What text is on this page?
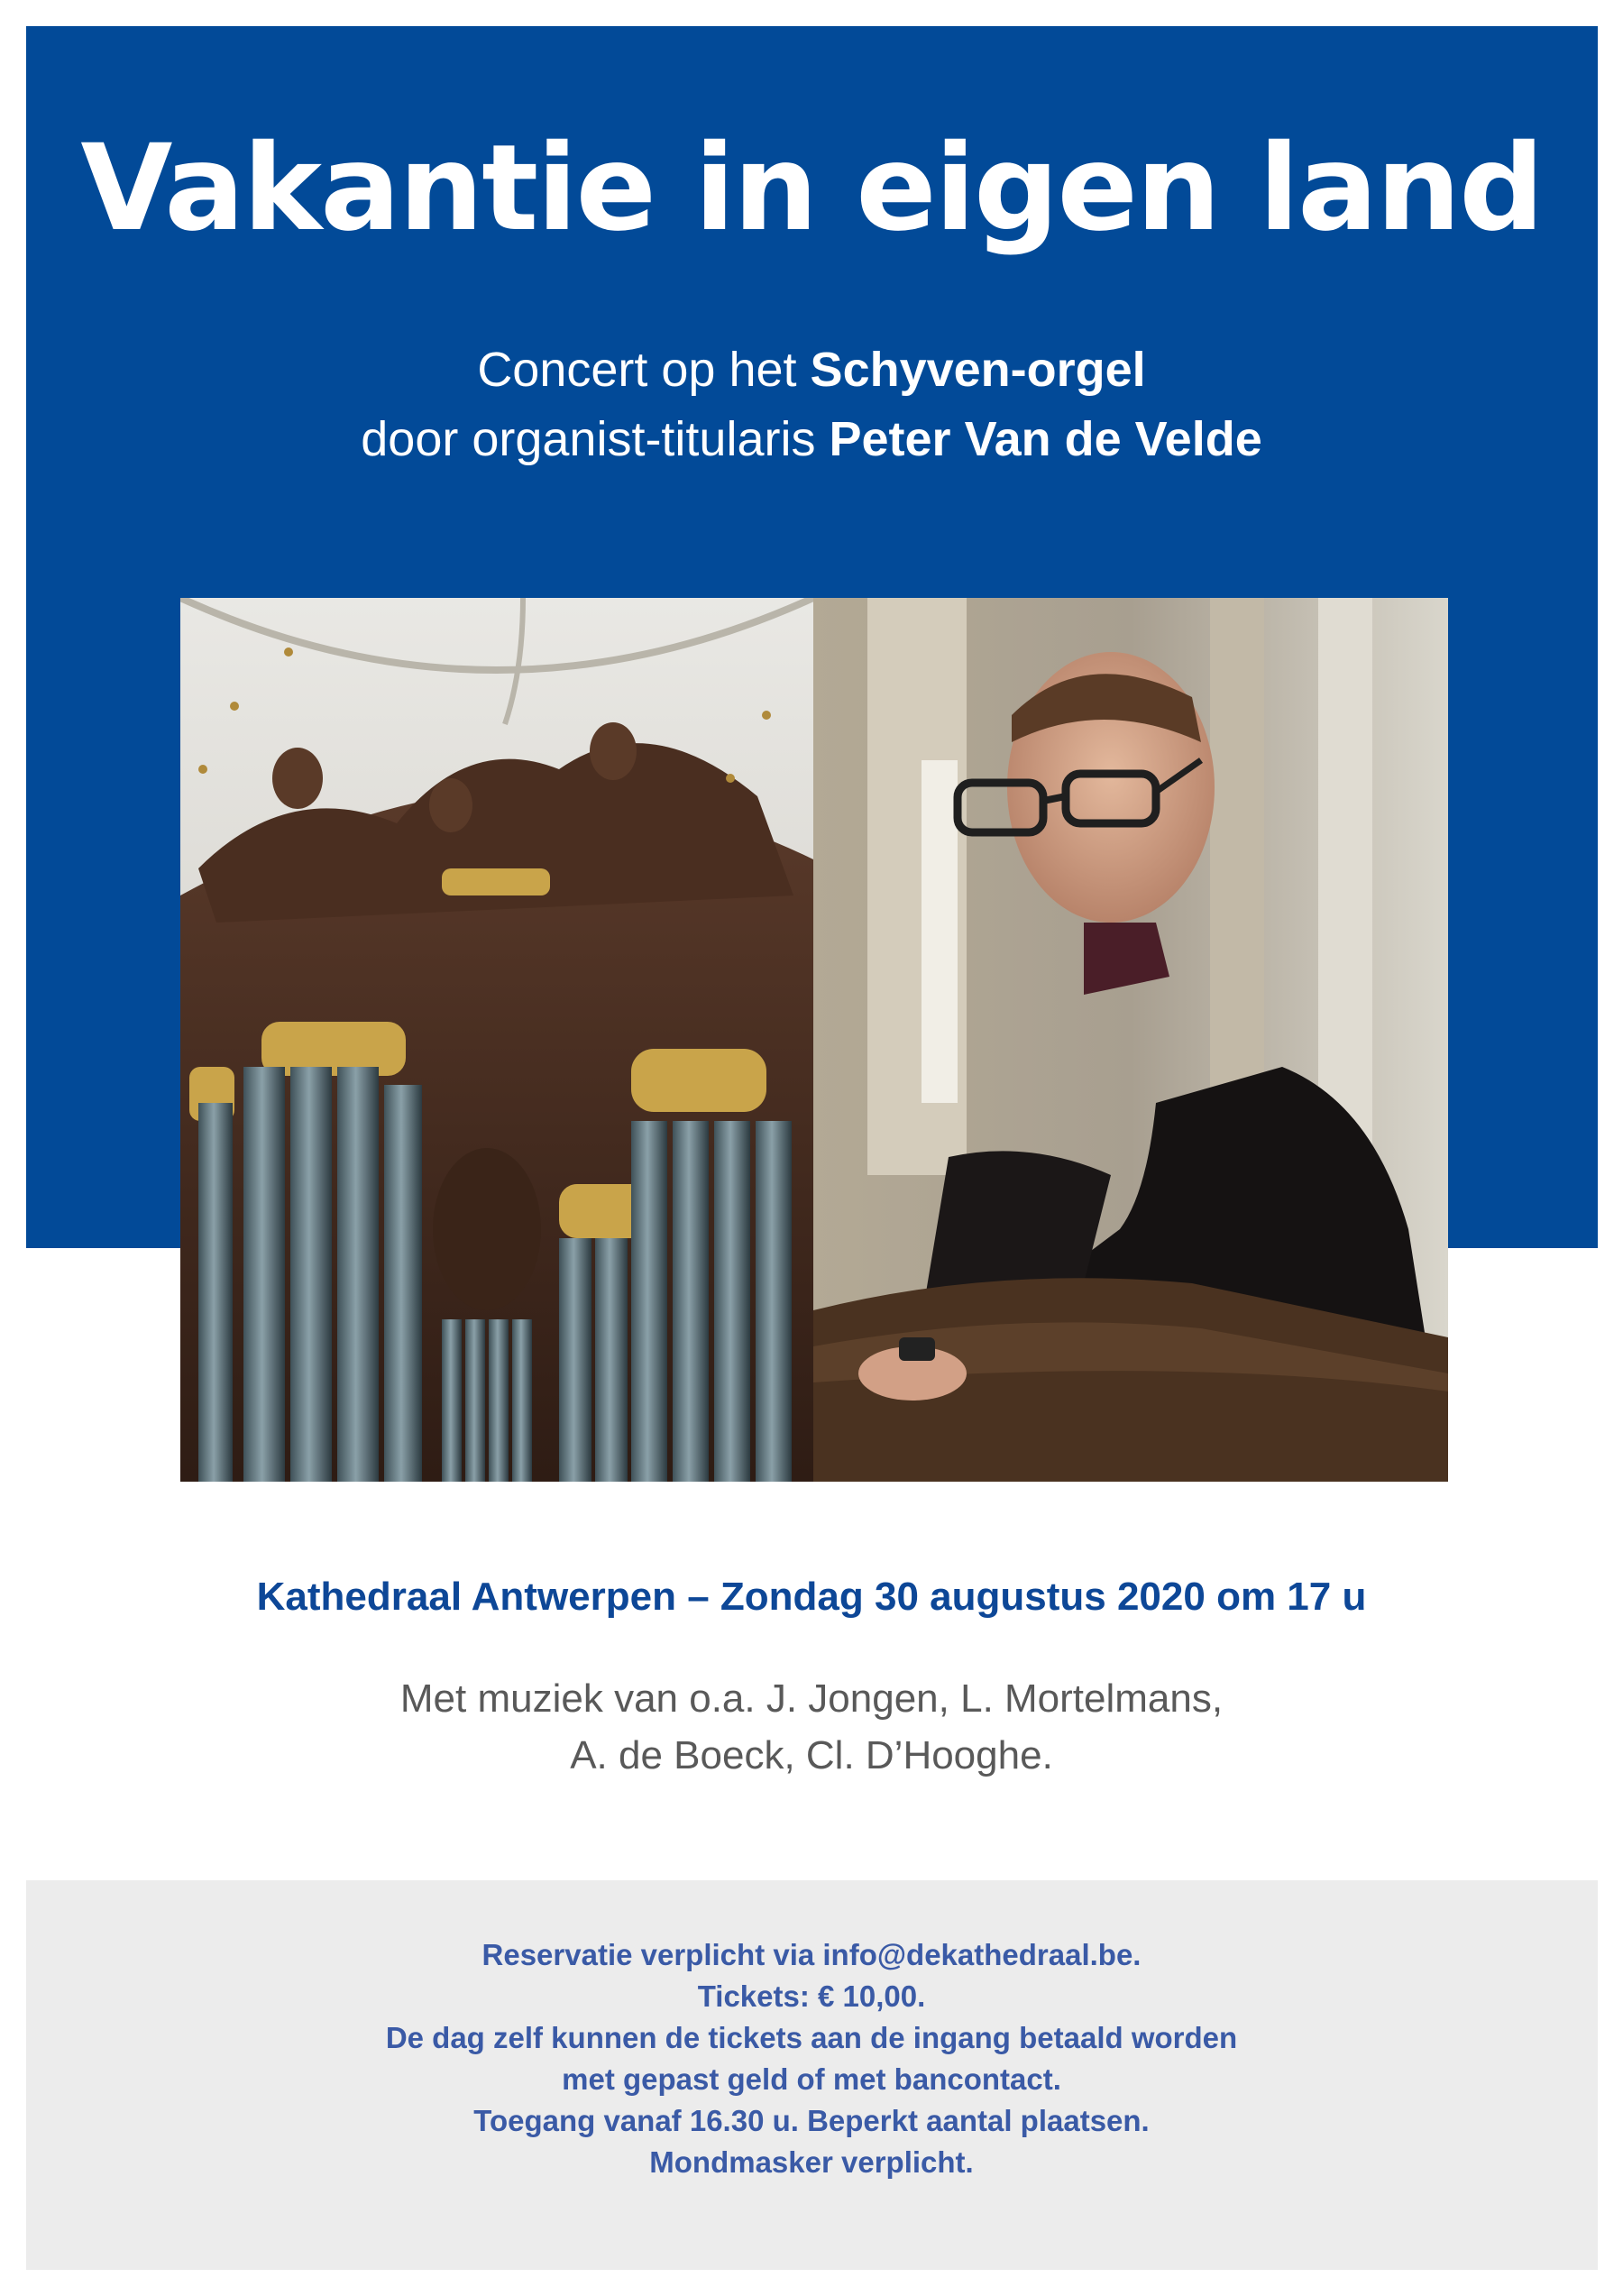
Vakantie in eigen land
Concert op het Schyven-orgel
door organist-titularis Peter Van de Velde
Kathedraal Antwerpen – Zondag 30 augustus 2020 om 17 u
Met muziek van o.a. J. Jongen, L. Mortelmans,
A. de Boeck, Cl. D’Hooghe.
Reservatie verplicht via info@dekathedraal.be.
Tickets: € 10,00.
De dag zelf kunnen de tickets aan de ingang betaald worden
met gepast geld of met bancontact.
Toegang vanaf 16.30 u. Beperkt aantal plaatsen.
Mondmasker verplicht.
